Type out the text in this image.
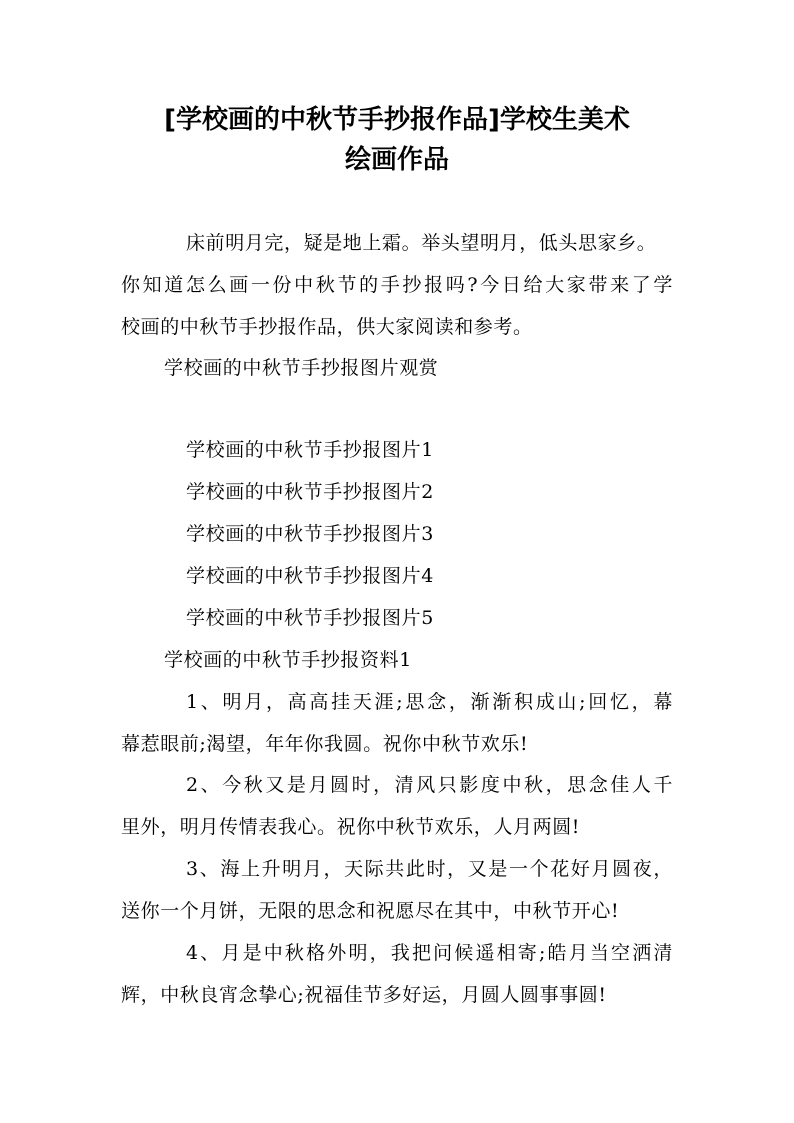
[学校画的中秋节手抄报作品]学校生美术
绘画作品
床前明月完，疑是地上霜。举头望明月，低头思家乡。
你知道怎么画一份中秋节的手抄报吗?今日给大家带来了学
校画的中秋节手抄报作品，供大家阅读和参考。
学校画的中秋节手抄报图片观赏
学校画的中秋节手抄报图片1
学校画的中秋节手抄报图片2
学校画的中秋节手抄报图片3
学校画的中秋节手抄报图片4
学校画的中秋节手抄报图片5
学校画的中秋节手抄报资料1
1、明月，高高挂天涯;思念，渐渐积成山;回忆，幕
幕惹眼前;渴望，年年你我圆。祝你中秋节欢乐!
2、今秋又是月圆时，清风只影度中秋，思念佳人千
里外，明月传情表我心。祝你中秋节欢乐，人月两圆!
3、海上升明月，天际共此时，又是一个花好月圆夜，
送你一个月饼，无限的思念和祝愿尽在其中，中秋节开心!
4、月是中秋格外明，我把问候遥相寄;皓月当空洒清
辉，中秋良宵念挚心;祝福佳节多好运，月圆人圆事事圆!
